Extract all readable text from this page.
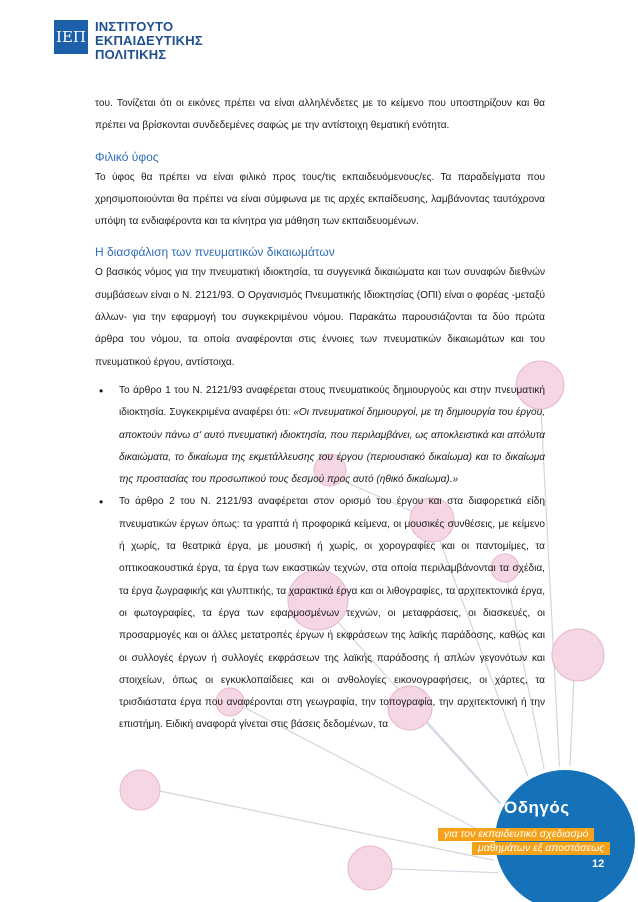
ΙΕΠ
ΙΝΣΤΙΤΟΥΤΟ
ΕΚΠΑΙΔΕΥΤΙΚΗΣ
ΠΟΛΙΤΙΚΗΣ

του. Τονίζεται ότι οι εικόνες πρέπει να είναι αλληλένδετες με το κείμενο που υποστηρίζουν και θα πρέπει να βρίσκονται συνδεδεμένες σαφώς με την αντίστοιχη θεματική ενότητα.

Φιλικό ύφος

Το ύφος θα πρέπει να είναι φιλικό προς τους/τις εκπαιδευόμενους/ες. Τα παραδείγματα που χρησιμοποιούνται θα πρέπει να είναι σύμφωνα με τις αρχές εκπαίδευσης, λαμβάνοντας ταυτόχρονα υπόψη τα ενδιαφέροντα και τα κίνητρα για μάθηση των εκπαιδευομένων.

Η διασφάλιση των πνευματικών δικαιωμάτων

Ο βασικός νόμος για την πνευματική ιδιοκτησία, τα συγγενικά δικαιώματα και των συναφών διεθνών συμβάσεων είναι ο Ν. 2121/93. Ο Οργανισμός Πνευματικής Ιδιοκτησίας (ΟΠΙ) είναι ο φορέας -μεταξύ άλλων- για την εφαρμογή του συγκεκριμένου νόμου. Παρακάτω παρουσιάζονται τα δύο πρώτα άρθρα του νόμου, τα οποία αναφέρονται στις έννοιες των πνευματικών δικαιωμάτων και του πνευματικού έργου, αντίστοιχα.

• Το άρθρο 1 του Ν. 2121/93 αναφέρεται στους πνευματικούς δημιουργούς και στην πνευματική ιδιοκτησία. Συγκεκριμένα αναφέρει ότι: «Οι πνευματικοί δημιουργοί, με τη δημιουργία του έργου, αποκτούν πάνω σ' αυτό πνευματική ιδιοκτησία, που περιλαμβάνει, ως αποκλειστικά και απόλυτα δικαιώματα, το δικαίωμα της εκμετάλλευσης του έργου (περιουσιακό δικαίωμα) και το δικαίωμα της προστασίας του προσωπικού τους δεσμού προς αυτό (ηθικό δικαίωμα).»
• Το άρθρο 2 του Ν. 2121/93 αναφέρεται στον ορισμό του έργου και στα διαφορετικά είδη πνευματικών έργων όπως: τα γραπτά ή προφορικά κείμενα, οι μουσικές συνθέσεις, με κείμενο ή χωρίς, τα θεατρικά έργα, με μουσική ή χωρίς, οι χορογραφίες και οι παντομίμες, τα οπτικοακουστικά έργα, τα έργα των εικαστικών τεχνών, στα οποία περιλαμβάνονται τα σχέδια, τα έργα ζωγραφικής και γλυπτικής, τα χαρακτικά έργα και οι λιθογραφίες, τα αρχιτεκτονικά έργα, οι φωτογραφίες, τα έργα των εφαρμοσμένων τεχνών, οι μεταφράσεις, οι διασκευές, οι προσαρμογές και οι άλλες μετατροπές έργων ή εκφράσεων της λαϊκής παράδοσης, καθώς και οι συλλογές έργων ή συλλογές εκφράσεων της λαϊκής παράδοσης ή απλών γεγονότων και στοιχείων, όπως οι εγκυκλοπαίδειες και οι ανθολογίες εικονογραφήσεις, οι χάρτες, τα τρισδιάστατα έργα που αναφέρονται στη γεωγραφία, την τοπογραφία, την αρχιτεκτονική ή την επιστήμη. Ειδική αναφορά γίνεται στις βάσεις δεδομένων, τα
Οδηγός
για τον εκπαιδευτικό σχεδιασμό
μαθημάτων εξ αποστάσεως
12
